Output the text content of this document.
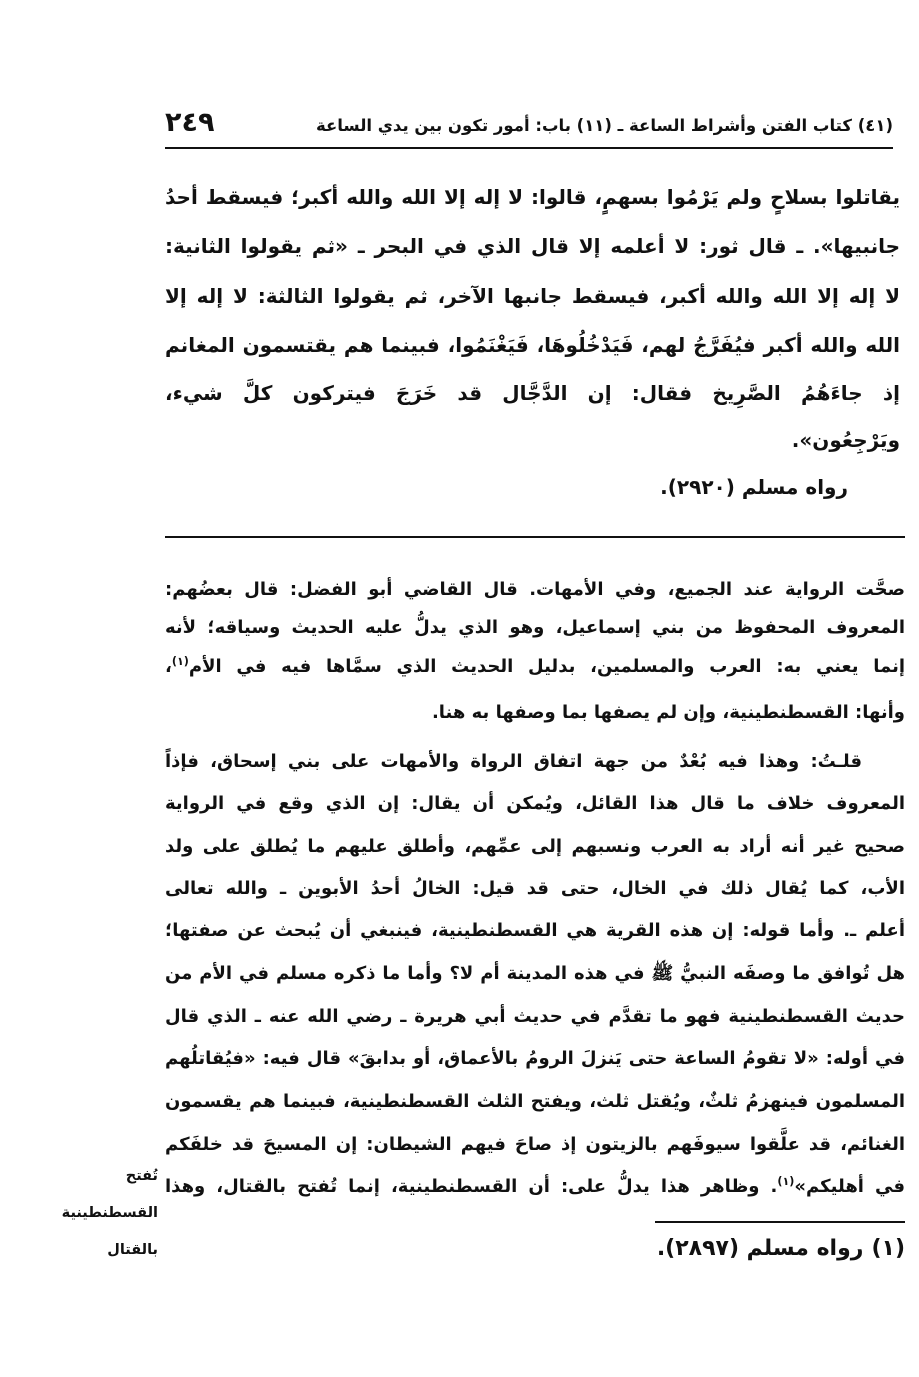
(٤١) كتاب الفتن وأشراط الساعة ـ (١١) باب: أمور تكون بين يدي الساعة
٢٤٩
يقاتلوا بسلاحٍ ولم يَرْمُوا بسهمٍ، قالوا: لا إله إلا الله والله أكبر؛ فيسقط أحدُ
جانبيها». ـ قال ثور: لا أعلمه إلا قال الذي في البحر ـ «ثم يقولوا الثانية:
لا إله إلا الله والله أكبر، فيسقط جانبها الآخر، ثم يقولوا الثالثة: لا إله إلا
الله والله أكبر فيُفَرَّجُ لهم، فَيَدْخُلُوهَا، فَيَغْنَمُوا، فبينما هم يقتسمون المغانم
إذ جاءَهُمُ الصَّرِيخ فقال: إن الدَّجَّال قد خَرَجَ فيتركون كلَّ شيء،
ويَرْجِعُون».
رواه مسلم (٢٩٢٠).
صحَّت الرواية عند الجميع، وفي الأمهات. قال القاضي أبو الفضل: قال بعضُهم:
المعروف المحفوظ من بني إسماعيل، وهو الذي يدلُّ عليه الحديث وسياقه؛ لأنه
إنما يعني به: العرب والمسلمين، بدليل الحديث الذي سمَّاها فيه في الأم$^{(١)}$،
وأنها: القسطنطينية، وإن لم يصفها بما وصفها به هنا.
قلـتُ: وهذا فيه بُعْدٌ من جهة اتفاق الرواة والأمهات على بني إسحاق، فإذاً
المعروف خلاف ما قال هذا القائل، ويُمكن أن يقال: إن الذي وقع في الرواية
صحيح غير أنه أراد به العرب ونسبهم إلى عمِّهم، وأطلق عليهم ما يُطلق على ولد
الأب، كما يُقال ذلك في الخال، حتى قد قيل: الخالُ أحدُ الأبوين ـ والله تعالى
أعلم ـ. وأما قوله: إن هذه القرية هي القسطنطينية، فينبغي أن يُبحث عن صفتها؛
هل تُوافق ما وصفَه النبيُّ ﷺ في هذه المدينة أم لا؟ وأما ما ذكره مسلم في الأم من
حديث القسطنطينية فهو ما تقدَّم في حديث أبي هريرة ـ رضي الله عنه ـ الذي قال
في أوله: «لا تقومُ الساعة حتى يَنزلَ الرومُ بالأعماق، أو بدابقَ» قال فيه: «فيُقاتلُهم
المسلمون فينهزمُ ثلثٌ، ويُقتل ثلث، ويفتح الثلث القسطنطينية، فبينما هم يقسمون
الغنائم، قد علَّقوا سيوفَهم بالزيتون إذ صاحَ فيهم الشيطان: إن المسيحَ قد خلفَكم
في أهليكم»$^{(١)}$. وظاهر هذا يدلُّ على: أن القسطنطينية، إنما تُفتح بالقتال، وهذا
تُفتح
القسطنطينية
بالقتال	(١)رواه مسلم (٢٨٩٧).
